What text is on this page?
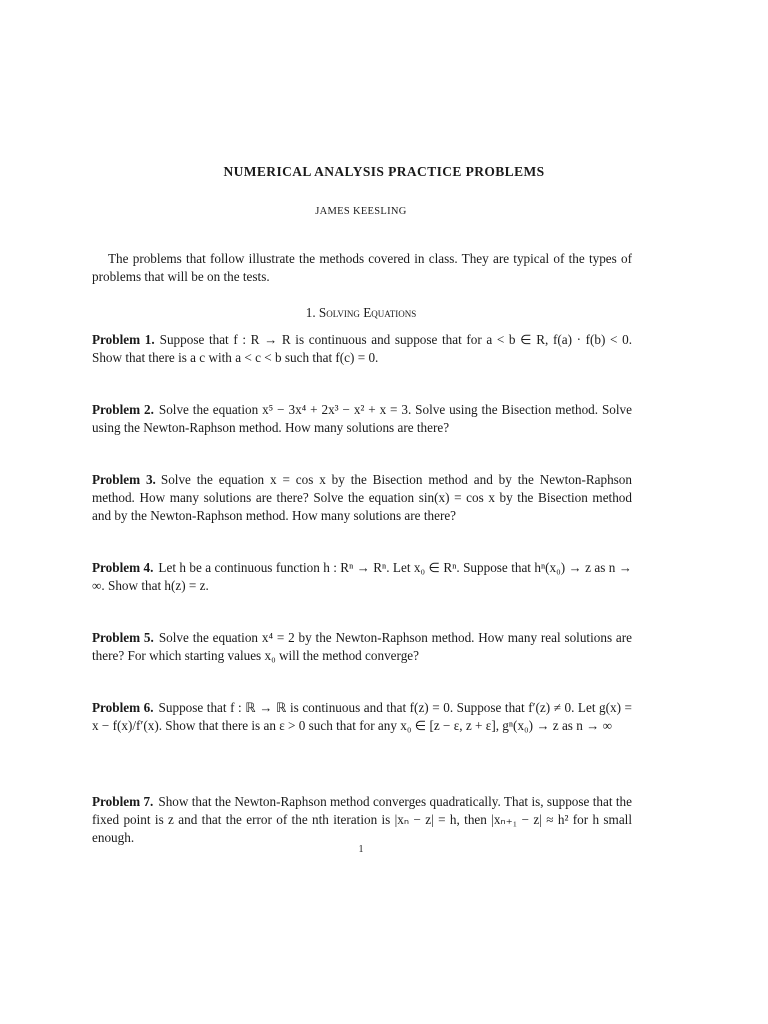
NUMERICAL ANALYSIS PRACTICE PROBLEMS
JAMES KEESLING

The problems that follow illustrate the methods covered in class. They are typical of the types of problems that will be on the tests.

1. Solving Equations

Problem 1. Suppose that f : R → R is continuous and suppose that for a < b ∈ R, f(a) · f(b) < 0. Show that there is a c with a < c < b such that f(c) = 0.

Problem 2. Solve the equation x⁵ − 3x⁴ + 2x³ − x² + x = 3. Solve using the Bisection method. Solve using the Newton-Raphson method. How many solutions are there?

Problem 3. Solve the equation x = cos x by the Bisection method and by the Newton-Raphson method. How many solutions are there? Solve the equation sin(x) = cos x by the Bisection method and by the Newton-Raphson method. How many solutions are there?

Problem 4. Let h be a continuous function h : Rⁿ → Rⁿ. Let x₀ ∈ Rⁿ. Suppose that hⁿ(x₀) → z as n → ∞. Show that h(z) = z.

Problem 5. Solve the equation x⁴ = 2 by the Newton-Raphson method. How many real solutions are there? For which starting values x₀ will the method converge?

Problem 6. Suppose that f : ℝ → ℝ is continuous and that f(z) = 0. Suppose that f′(z) ≠ 0. Let g(x) = x − f(x)/f′(x). Show that there is an ε > 0 such that for any x₀ ∈ [z − ε, z + ε], gⁿ(x₀) → z as n → ∞

Problem 7. Show that the Newton-Raphson method converges quadratically. That is, suppose that the fixed point is z and that the error of the nth iteration is |xₙ − z| = h, then |xₙ₊₁ − z| ≈ h² for h small enough.

1
